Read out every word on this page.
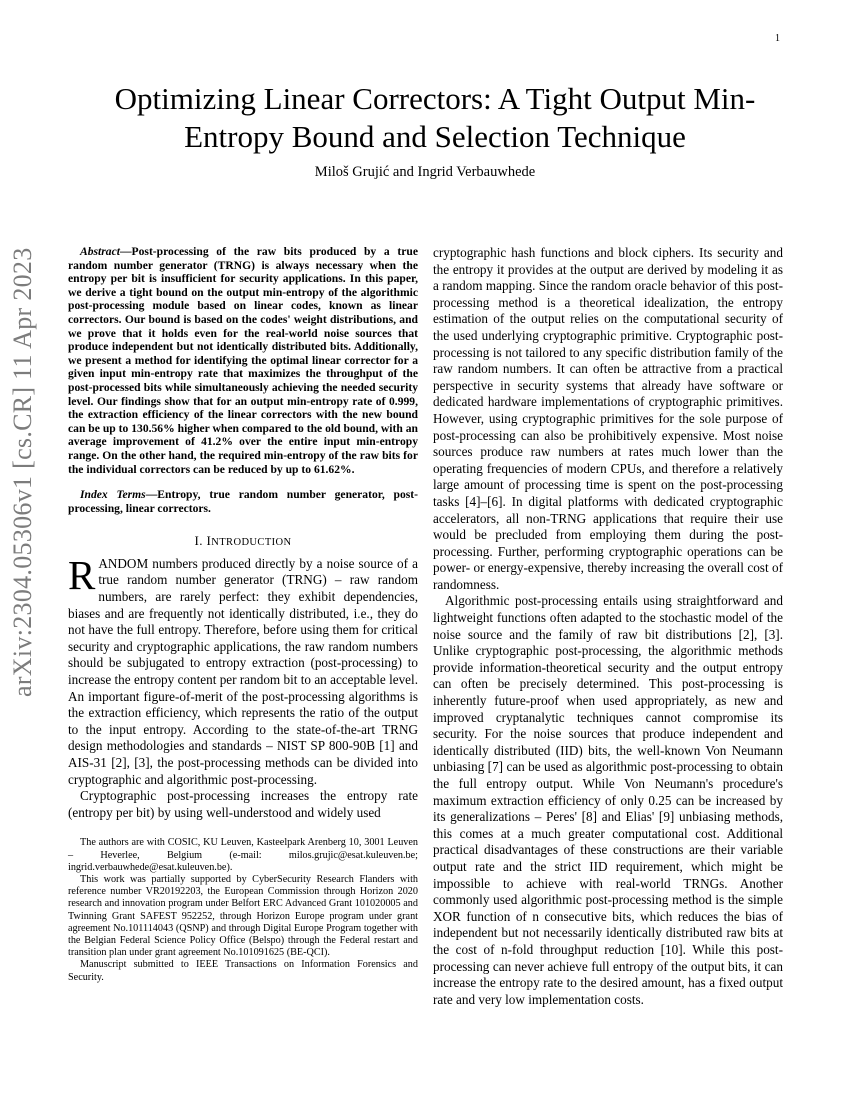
1
arXiv:2304.05306v1 [cs.CR] 11 Apr 2023
Optimizing Linear Correctors: A Tight Output Min-Entropy Bound and Selection Technique
Miloš Grujić and Ingrid Verbauwhede

Abstract—Post-processing of the raw bits produced by a true random number generator (TRNG) is always necessary when the entropy per bit is insufficient for security applications. In this paper, we derive a tight bound on the output min-entropy of the algorithmic post-processing module based on linear codes, known as linear correctors. Our bound is based on the codes' weight distributions, and we prove that it holds even for the real-world noise sources that produce independent but not identically distributed bits. Additionally, we present a method for identifying the optimal linear corrector for a given input min-entropy rate that maximizes the throughput of the post-processed bits while simultaneously achieving the needed security level. Our findings show that for an output min-entropy rate of 0.999, the extraction efficiency of the linear correctors with the new bound can be up to 130.56% higher when compared to the old bound, with an average improvement of 41.2% over the entire input min-entropy range. On the other hand, the required min-entropy of the raw bits for the individual correctors can be reduced by up to 61.62%.

Index Terms—Entropy, true random number generator, post-processing, linear correctors.

I. INTRODUCTION

RANDOM numbers produced directly by a noise source of a true random number generator (TRNG) – raw random numbers, are rarely perfect: they exhibit dependencies, biases and are frequently not identically distributed, i.e., they do not have the full entropy. Therefore, before using them for critical security and cryptographic applications, the raw random numbers should be subjugated to entropy extraction (post-processing) to increase the entropy content per random bit to an acceptable level. An important figure-of-merit of the post-processing algorithms is the extraction efficiency, which represents the ratio of the output to the input entropy. According to the state-of-the-art TRNG design methodologies and standards – NIST SP 800-90B [1] and AIS-31 [2], [3], the post-processing methods can be divided into cryptographic and algorithmic post-processing.

Cryptographic post-processing increases the entropy rate (entropy per bit) by using well-understood and widely used

The authors are with COSIC, KU Leuven, Kasteelpark Arenberg 10, 3001 Leuven – Heverlee, Belgium (e-mail: milos.grujic@esat.kuleuven.be; ingrid.verbauwhede@esat.kuleuven.be).

This work was partially supported by CyberSecurity Research Flanders with reference number VR20192203, the European Commission through Horizon 2020 research and innovation program under Belfort ERC Advanced Grant 101020005 and Twinning Grant SAFEST 952252, through Horizon Europe program under grant agreement No.101114043 (QSNP) and through Digital Europe Program together with the Belgian Federal Science Policy Office (Belspo) through the Federal restart and transition plan under grant agreement No.101091625 (BE-QCI).

Manuscript submitted to IEEE Transactions on Information Forensics and Security.

cryptographic hash functions and block ciphers. Its security and the entropy it provides at the output are derived by modeling it as a random mapping. Since the random oracle behavior of this post-processing method is a theoretical idealization, the entropy estimation of the output relies on the computational security of the used underlying cryptographic primitive. Cryptographic post-processing is not tailored to any specific distribution family of the raw random numbers. It can often be attractive from a practical perspective in security systems that already have software or dedicated hardware implementations of cryptographic primitives. However, using cryptographic primitives for the sole purpose of post-processing can also be prohibitively expensive. Most noise sources produce raw numbers at rates much lower than the operating frequencies of modern CPUs, and therefore a relatively large amount of processing time is spent on the post-processing tasks [4]–[6]. In digital platforms with dedicated cryptographic accelerators, all non-TRNG applications that require their use would be precluded from employing them during the post-processing. Further, performing cryptographic operations can be power- or energy-expensive, thereby increasing the overall cost of randomness.

Algorithmic post-processing entails using straightforward and lightweight functions often adapted to the stochastic model of the noise source and the family of raw bit distributions [2], [3]. Unlike cryptographic post-processing, the algorithmic methods provide information-theoretical security and the output entropy can often be precisely determined. This post-processing is inherently future-proof when used appropriately, as new and improved cryptanalytic techniques cannot compromise its security. For the noise sources that produce independent and identically distributed (IID) bits, the well-known Von Neumann unbiasing [7] can be used as algorithmic post-processing to obtain the full entropy output. While Von Neumann's procedure's maximum extraction efficiency of only 0.25 can be increased by its generalizations – Peres' [8] and Elias' [9] unbiasing methods, this comes at a much greater computational cost. Additional practical disadvantages of these constructions are their variable output rate and the strict IID requirement, which might be impossible to achieve with real-world TRNGs. Another commonly used algorithmic post-processing method is the simple XOR function of n consecutive bits, which reduces the bias of independent but not necessarily identically distributed raw bits at the cost of n-fold throughput reduction [10]. While this post-processing can never achieve full entropy of the output bits, it can increase the entropy rate to the desired amount, has a fixed output rate and very low implementation costs.
